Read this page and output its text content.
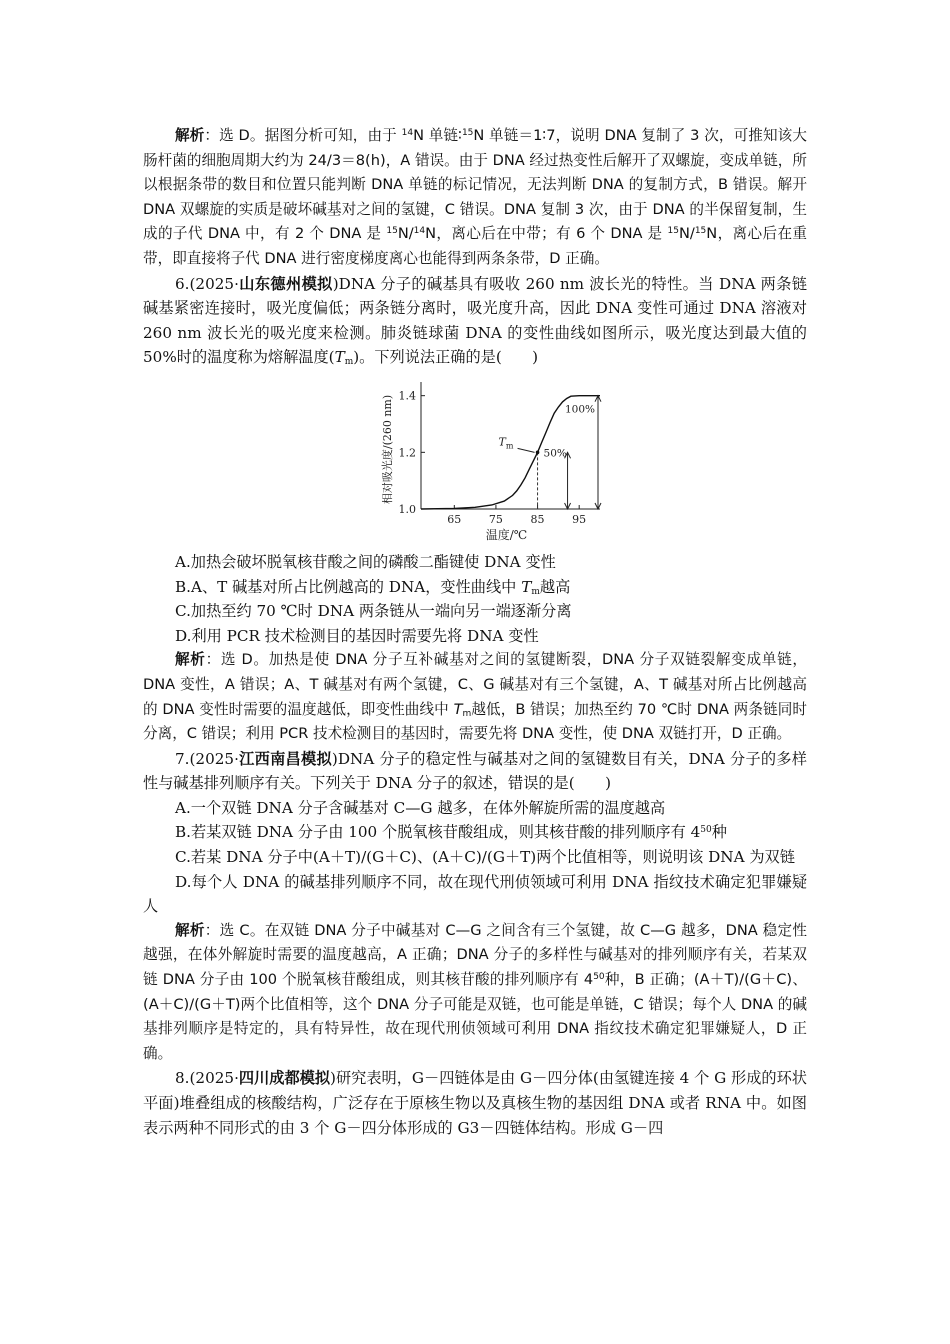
解析：选 D。据图分析可知，由于 $^{14}$N 单链∶$^{15}$N 单链＝1∶7，说明 DNA 复制了 3 次，可推知该大肠杆菌的细胞周期大约为 24/3＝8(h)，A 错误。由于 DNA 经过热变性后解开了双螺旋，变成单链，所以根据条带的数目和位置只能判断 DNA 单链的标记情况，无法判断 DNA 的复制方式，B 错误。解开 DNA 双螺旋的实质是破坏碱基对之间的氢键，C 错误。DNA 复制 3 次，由于 DNA 的半保留复制，生成的子代 DNA 中，有 2 个 DNA 是 $^{15}$N/$^{14}$N，离心后在中带；有 6 个 DNA 是 $^{15}$N/$^{15}$N，离心后在重带，即直接将子代 DNA 进行密度梯度离心也能得到两条条带，D 正确。

6.(2025·山东德州模拟)DNA 分子的碱基具有吸收 260 nm 波长光的特性。当 DNA 两条链碱基紧密连接时，吸光度偏低；两条链分离时，吸光度升高，因此 DNA 变性可通过 DNA 溶液对 260 nm 波长光的吸光度来检测。肺炎链球菌 DNA 的变性曲线如图所示，吸光度达到最大值的 50%时的温度称为熔解温度$(T_m)$。下列说法正确的是(　　)

1.0
1.2
1.4
65	75	85	95
温度/℃
相对吸光度/(260 nm)	$T_m$
100%
50%

A.加热会破坏脱氧核苷酸之间的磷酸二酯键使 DNA 变性

B.A、T 碱基对所占比例越高的 DNA，变性曲线中 $T_m$越高

C.加热至约 70 ℃时 DNA 两条链从一端向另一端逐渐分离

D.利用 PCR 技术检测目的基因时需要先将 DNA 变性

解析：选 D。加热是使 DNA 分子互补碱基对之间的氢键断裂，DNA 分子双链裂解变成单链，DNA 变性，A 错误；A、T 碱基对有两个氢键，C、G 碱基对有三个氢键，A、T 碱基对所占比例越高的 DNA 变性时需要的温度越低，即变性曲线中 $T_m$越低，B 错误；加热至约 70 ℃时 DNA 两条链同时分离，C 错误；利用 PCR 技术检测目的基因时，需要先将 DNA 变性，使 DNA 双链打开，D 正确。

7.(2025·江西南昌模拟)DNA 分子的稳定性与碱基对之间的氢键数目有关，DNA 分子的多样性与碱基排列顺序有关。下列关于 DNA 分子的叙述，错误的是(　　)

A.一个双链 DNA 分子含碱基对 C—G 越多，在体外解旋所需的温度越高

B.若某双链 DNA 分子由 100 个脱氧核苷酸组成，则其核苷酸的排列顺序有 $4^{50}$种

C.若某 DNA 分子中(A＋T)/(G＋C)、(A＋C)/(G＋T)两个比值相等，则说明该 DNA 为双链

D.每个人 DNA 的碱基排列顺序不同，故在现代刑侦领域可利用 DNA 指纹技术确定犯罪嫌疑人

解析：选 C。在双链 DNA 分子中碱基对 C—G 之间含有三个氢键，故 C—G 越多，DNA 稳定性越强，在体外解旋时需要的温度越高，A 正确；DNA 分子的多样性与碱基对的排列顺序有关，若某双链 DNA 分子由 100 个脱氧核苷酸组成，则其核苷酸的排列顺序有 $4^{50}$种，B 正确；(A＋T)/(G＋C)、(A＋C)/(G＋T)两个比值相等，这个 DNA 分子可能是双链，也可能是单链，C 错误；每个人 DNA 的碱基排列顺序是特定的，具有特异性，故在现代刑侦领域可利用 DNA 指纹技术确定犯罪嫌疑人，D 正确。

8.(2025·四川成都模拟)研究表明，G－四链体是由 G－四分体(由氢键连接 4 个 G 形成的环状平面)堆叠组成的核酸结构，广泛存在于原核生物以及真核生物的基因组 DNA 或者 RNA 中。如图表示两种不同形式的由 3 个 G－四分体形成的 G3－四链体结构。形成 G－四
